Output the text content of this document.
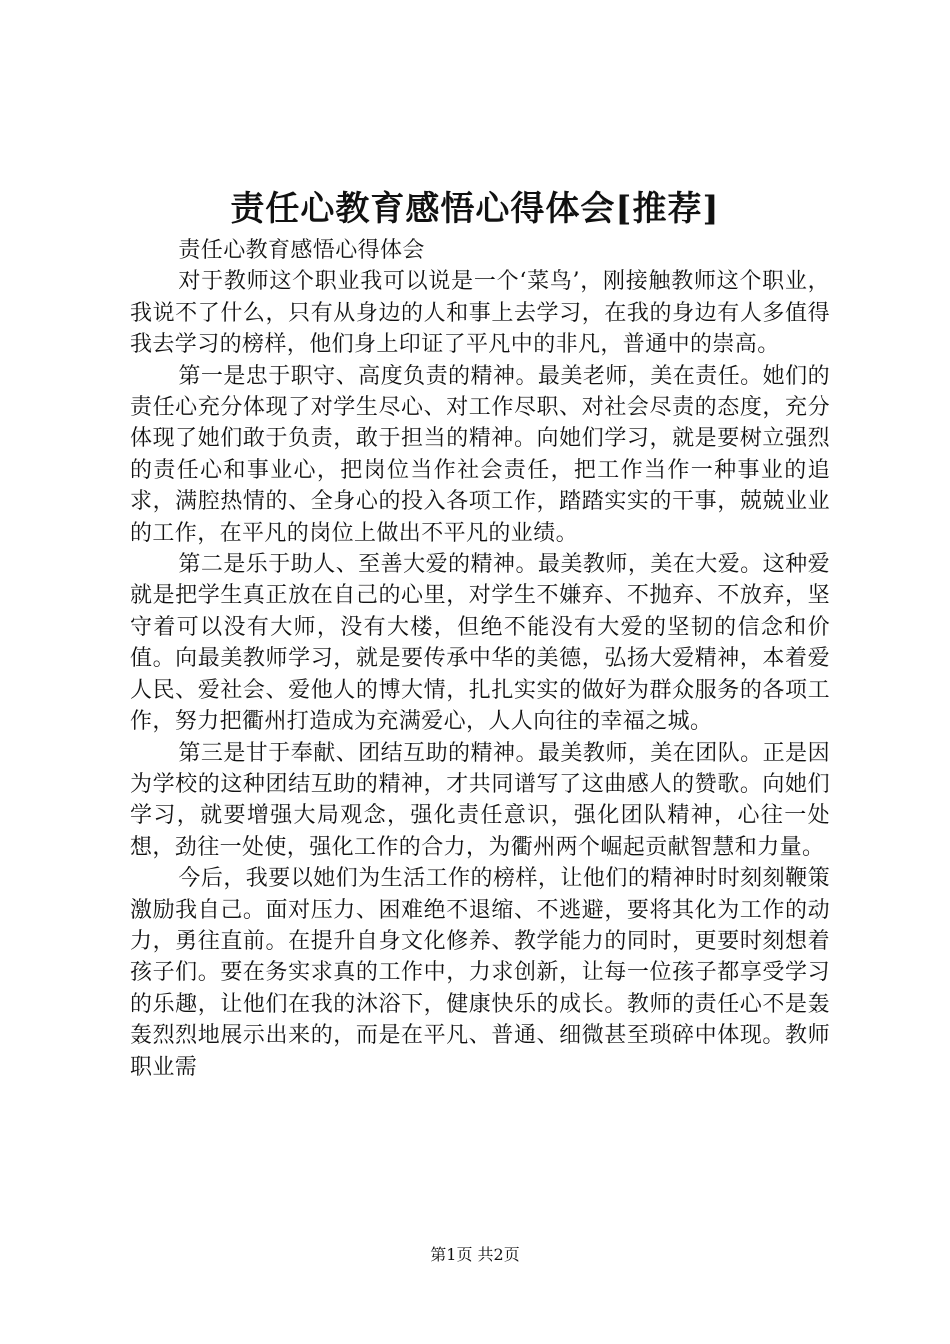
责任心教育感悟心得体会[推荐]

责任心教育感悟心得体会

对于教师这个职业我可以说是一个‘菜鸟’，刚接触教师这个职业，我说不了什么，只有从身边的人和事上去学习，在我的身边有人多值得我去学习的榜样，他们身上印证了平凡中的非凡，普通中的崇高。

第一是忠于职守、高度负责的精神。最美老师，美在责任。她们的责任心充分体现了对学生尽心、对工作尽职、对社会尽责的态度，充分体现了她们敢于负责，敢于担当的精神。向她们学习，就是要树立强烈的责任心和事业心，把岗位当作社会责任，把工作当作一种事业的追求，满腔热情的、全身心的投入各项工作，踏踏实实的干事，兢兢业业的工作，在平凡的岗位上做出不平凡的业绩。

第二是乐于助人、至善大爱的精神。最美教师，美在大爱。这种爱就是把学生真正放在自己的心里，对学生不嫌弃、不抛弃、不放弃，坚守着可以没有大师，没有大楼，但绝不能没有大爱的坚韧的信念和价值。向最美教师学习，就是要传承中华的美德，弘扬大爱精神，本着爱人民、爱社会、爱他人的博大情，扎扎实实的做好为群众服务的各项工作，努力把衢州打造成为充满爱心，人人向往的幸福之城。

第三是甘于奉献、团结互助的精神。最美教师，美在团队。正是因为学校的这种团结互助的精神，才共同谱写了这曲感人的赞歌。向她们学习，就要增强大局观念，强化责任意识，强化团队精神，心往一处想，劲往一处使，强化工作的合力，为衢州两个崛起贡献智慧和力量。

今后，我要以她们为生活工作的榜样，让他们的精神时时刻刻鞭策激励我自己。面对压力、困难绝不退缩、不逃避，要将其化为工作的动力，勇往直前。在提升自身文化修养、教学能力的同时，更要时刻想着孩子们。要在务实求真的工作中，力求创新，让每一位孩子都享受学习的乐趣，让他们在我的沐浴下，健康快乐的成长。教师的责任心不是轰轰烈烈地展示出来的，而是在平凡、普通、细微甚至琐碎中体现。教师职业需

第1页 共2页
